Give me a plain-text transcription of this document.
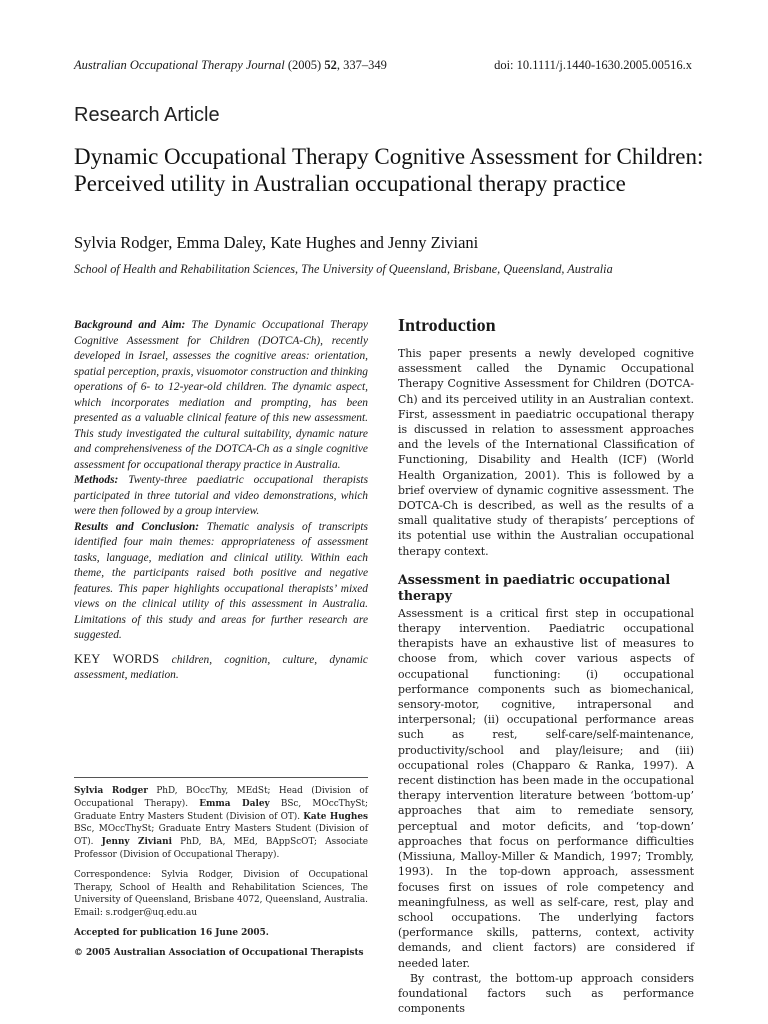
Australian Occupational Therapy Journal (2005) 52, 337–349	doi: 10.1111/j.1440-1630.2005.00516.x
Research Article
Dynamic Occupational Therapy Cognitive Assessment for Children: Perceived utility in Australian occupational therapy practice
Sylvia Rodger, Emma Daley, Kate Hughes and Jenny Ziviani
School of Health and Rehabilitation Sciences, The University of Queensland, Brisbane, Queensland, Australia

Background and Aim: The Dynamic Occupational Therapy Cognitive Assessment for Children (DOTCA-Ch), recently developed in Israel, assesses the cognitive areas: orientation, spatial perception, praxis, visuomotor construction and thinking operations of 6- to 12-year-old children. The dynamic aspect, which incorporates mediation and prompting, has been presented as a valuable clinical feature of this new assessment. This study investigated the cultural suitability, dynamic nature and comprehensiveness of the DOTCA-Ch as a single cognitive assessment for occupational therapy practice in Australia.

Methods: Twenty-three paediatric occupational therapists participated in three tutorial and video demonstrations, which were then followed by a group interview.

Results and Conclusion: Thematic analysis of transcripts identified four main themes: appropriateness of assessment tasks, language, mediation and clinical utility. Within each theme, the participants raised both positive and negative features. This paper highlights occupational therapists’ mixed views on the clinical utility of this assessment in Australia. Limitations of this study and areas for further research are suggested.

KEY WORDS children, cognition, culture, dynamic assessment, mediation.

Sylvia Rodger PhD, BOccThy, MEdSt; Head (Division of Occupational Therapy). Emma Daley BSc, MOccThySt; Graduate Entry Masters Student (Division of OT). Kate Hughes BSc, MOccThySt; Graduate Entry Masters Student (Division of OT). Jenny Ziviani PhD, BA, MEd, BAppScOT; Associate Professor (Division of Occupational Therapy).

Correspondence: Sylvia Rodger, Division of Occupational Therapy, School of Health and Rehabilitation Sciences, The University of Queensland, Brisbane 4072, Queensland, Australia. Email: s.rodger@uq.edu.au

Accepted for publication 16 June 2005.

© 2005 Australian Association of Occupational Therapists

Introduction

This paper presents a newly developed cognitive assessment called the Dynamic Occupational Therapy Cognitive Assessment for Children (DOTCA-Ch) and its perceived utility in an Australian context. First, assessment in paediatric occupational therapy is discussed in relation to assessment approaches and the levels of the International Classification of Functioning, Disability and Health (ICF) (World Health Organization, 2001). This is followed by a brief overview of dynamic cognitive assessment. The DOTCA-Ch is described, as well as the results of a small qualitative study of therapists’ perceptions of its potential use within the Australian occupational therapy context.

Assessment in paediatric occupational therapy

Assessment is a critical first step in occupational therapy intervention. Paediatric occupational therapists have an exhaustive list of measures to choose from, which cover various aspects of occupational functioning: (i) occupational performance components such as biomechanical, sensory-motor, cognitive, intrapersonal and interpersonal; (ii) occupational performance areas such as rest, self-care/self-maintenance, productivity/school and play/leisure; and (iii) occupational roles (Chapparo & Ranka, 1997). A recent distinction has been made in the occupational therapy intervention literature between ‘bottom-up’ approaches that aim to remediate sensory, perceptual and motor deficits, and ‘top-down’ approaches that focus on performance difficulties (Missiuna, Malloy-Miller & Mandich, 1997; Trombly, 1993). In the top-down approach, assessment focuses first on issues of role competency and meaningfulness, as well as self-care, rest, play and school occupations. The underlying factors (performance skills, patterns, context, activity demands, and client factors) are considered if needed later.

By contrast, the bottom-up approach considers foundational factors such as performance components
